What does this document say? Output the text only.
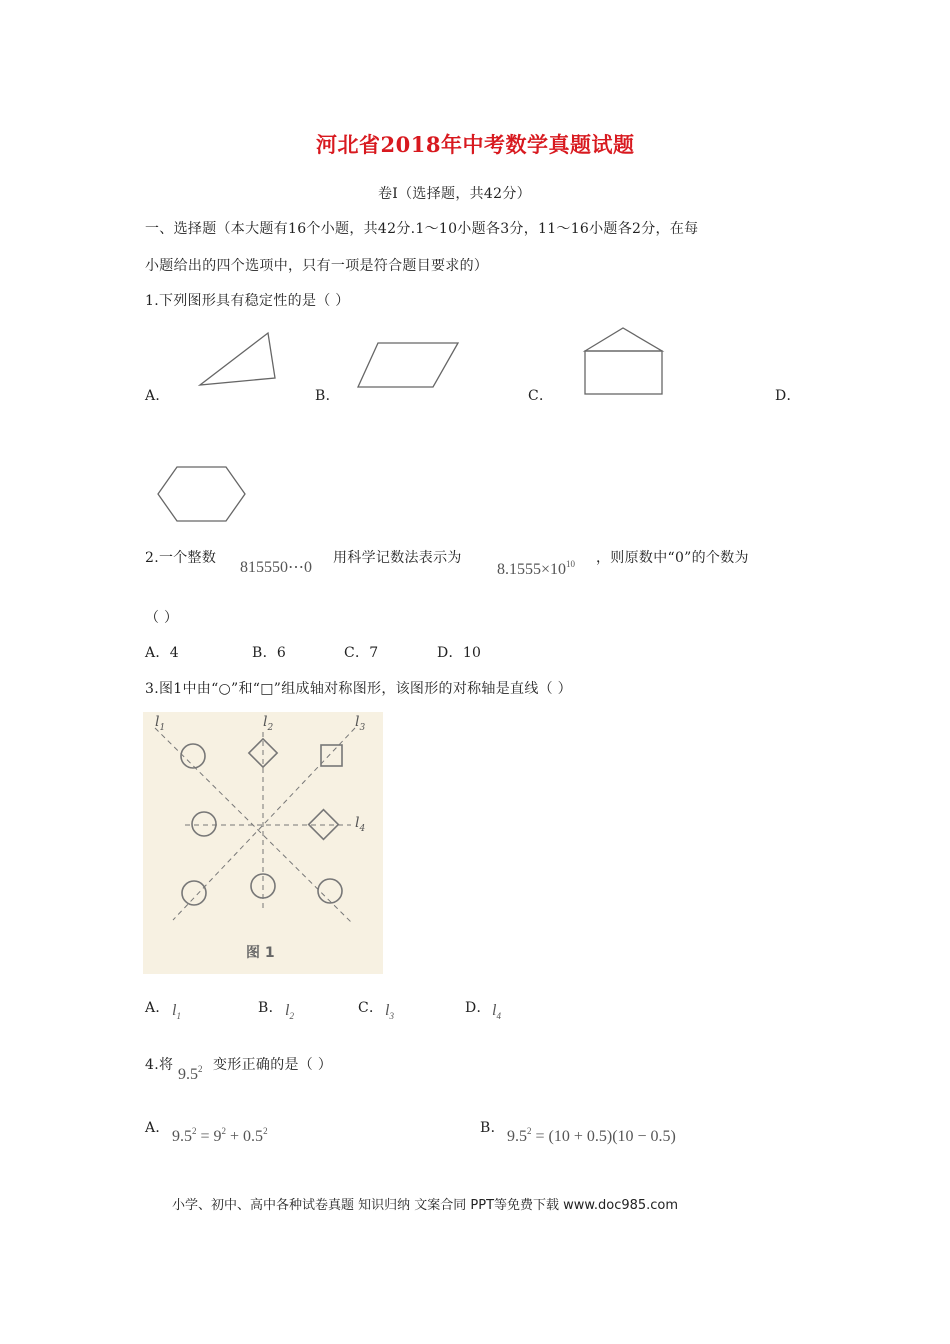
河北省2018年中考数学真题试题
卷Ⅰ（选择题，共42分）
一、选择题（本大题有16个小题，共42分.1～10小题各3分，11～16小题各2分，在每
小题给出的四个选项中，只有一项是符合题目要求的）
1.下列图形具有稳定性的是（ ）
A．	B．	C．	D．
2.一个整数
815550⋯0
用科学记数法表示为
$8.1555\times 10^{10}$ ，则原数中“0”的个数为
（ ）
A．4	B．6	C．7	D．10
3.图1中由“○”和“□”组成轴对称图形，该图形的对称轴是直线（ ）
$l_1$	$l_2$	$l_3$
$l_4$
图 1
A． $l_1$	B． $l_2$	C． $l_3$	D． $l_4$
4.将
$9.5^2$ 变形正确的是（ ）
A． $9.5^2 = 9^2 + 0.5^2$	B． $9.5^2 = (10 + 0.5)(10 - 0.5)$
小学、初中、高中各种试卷真题 知识归纳 文案合同 PPT等免费下载 www.doc985.com
